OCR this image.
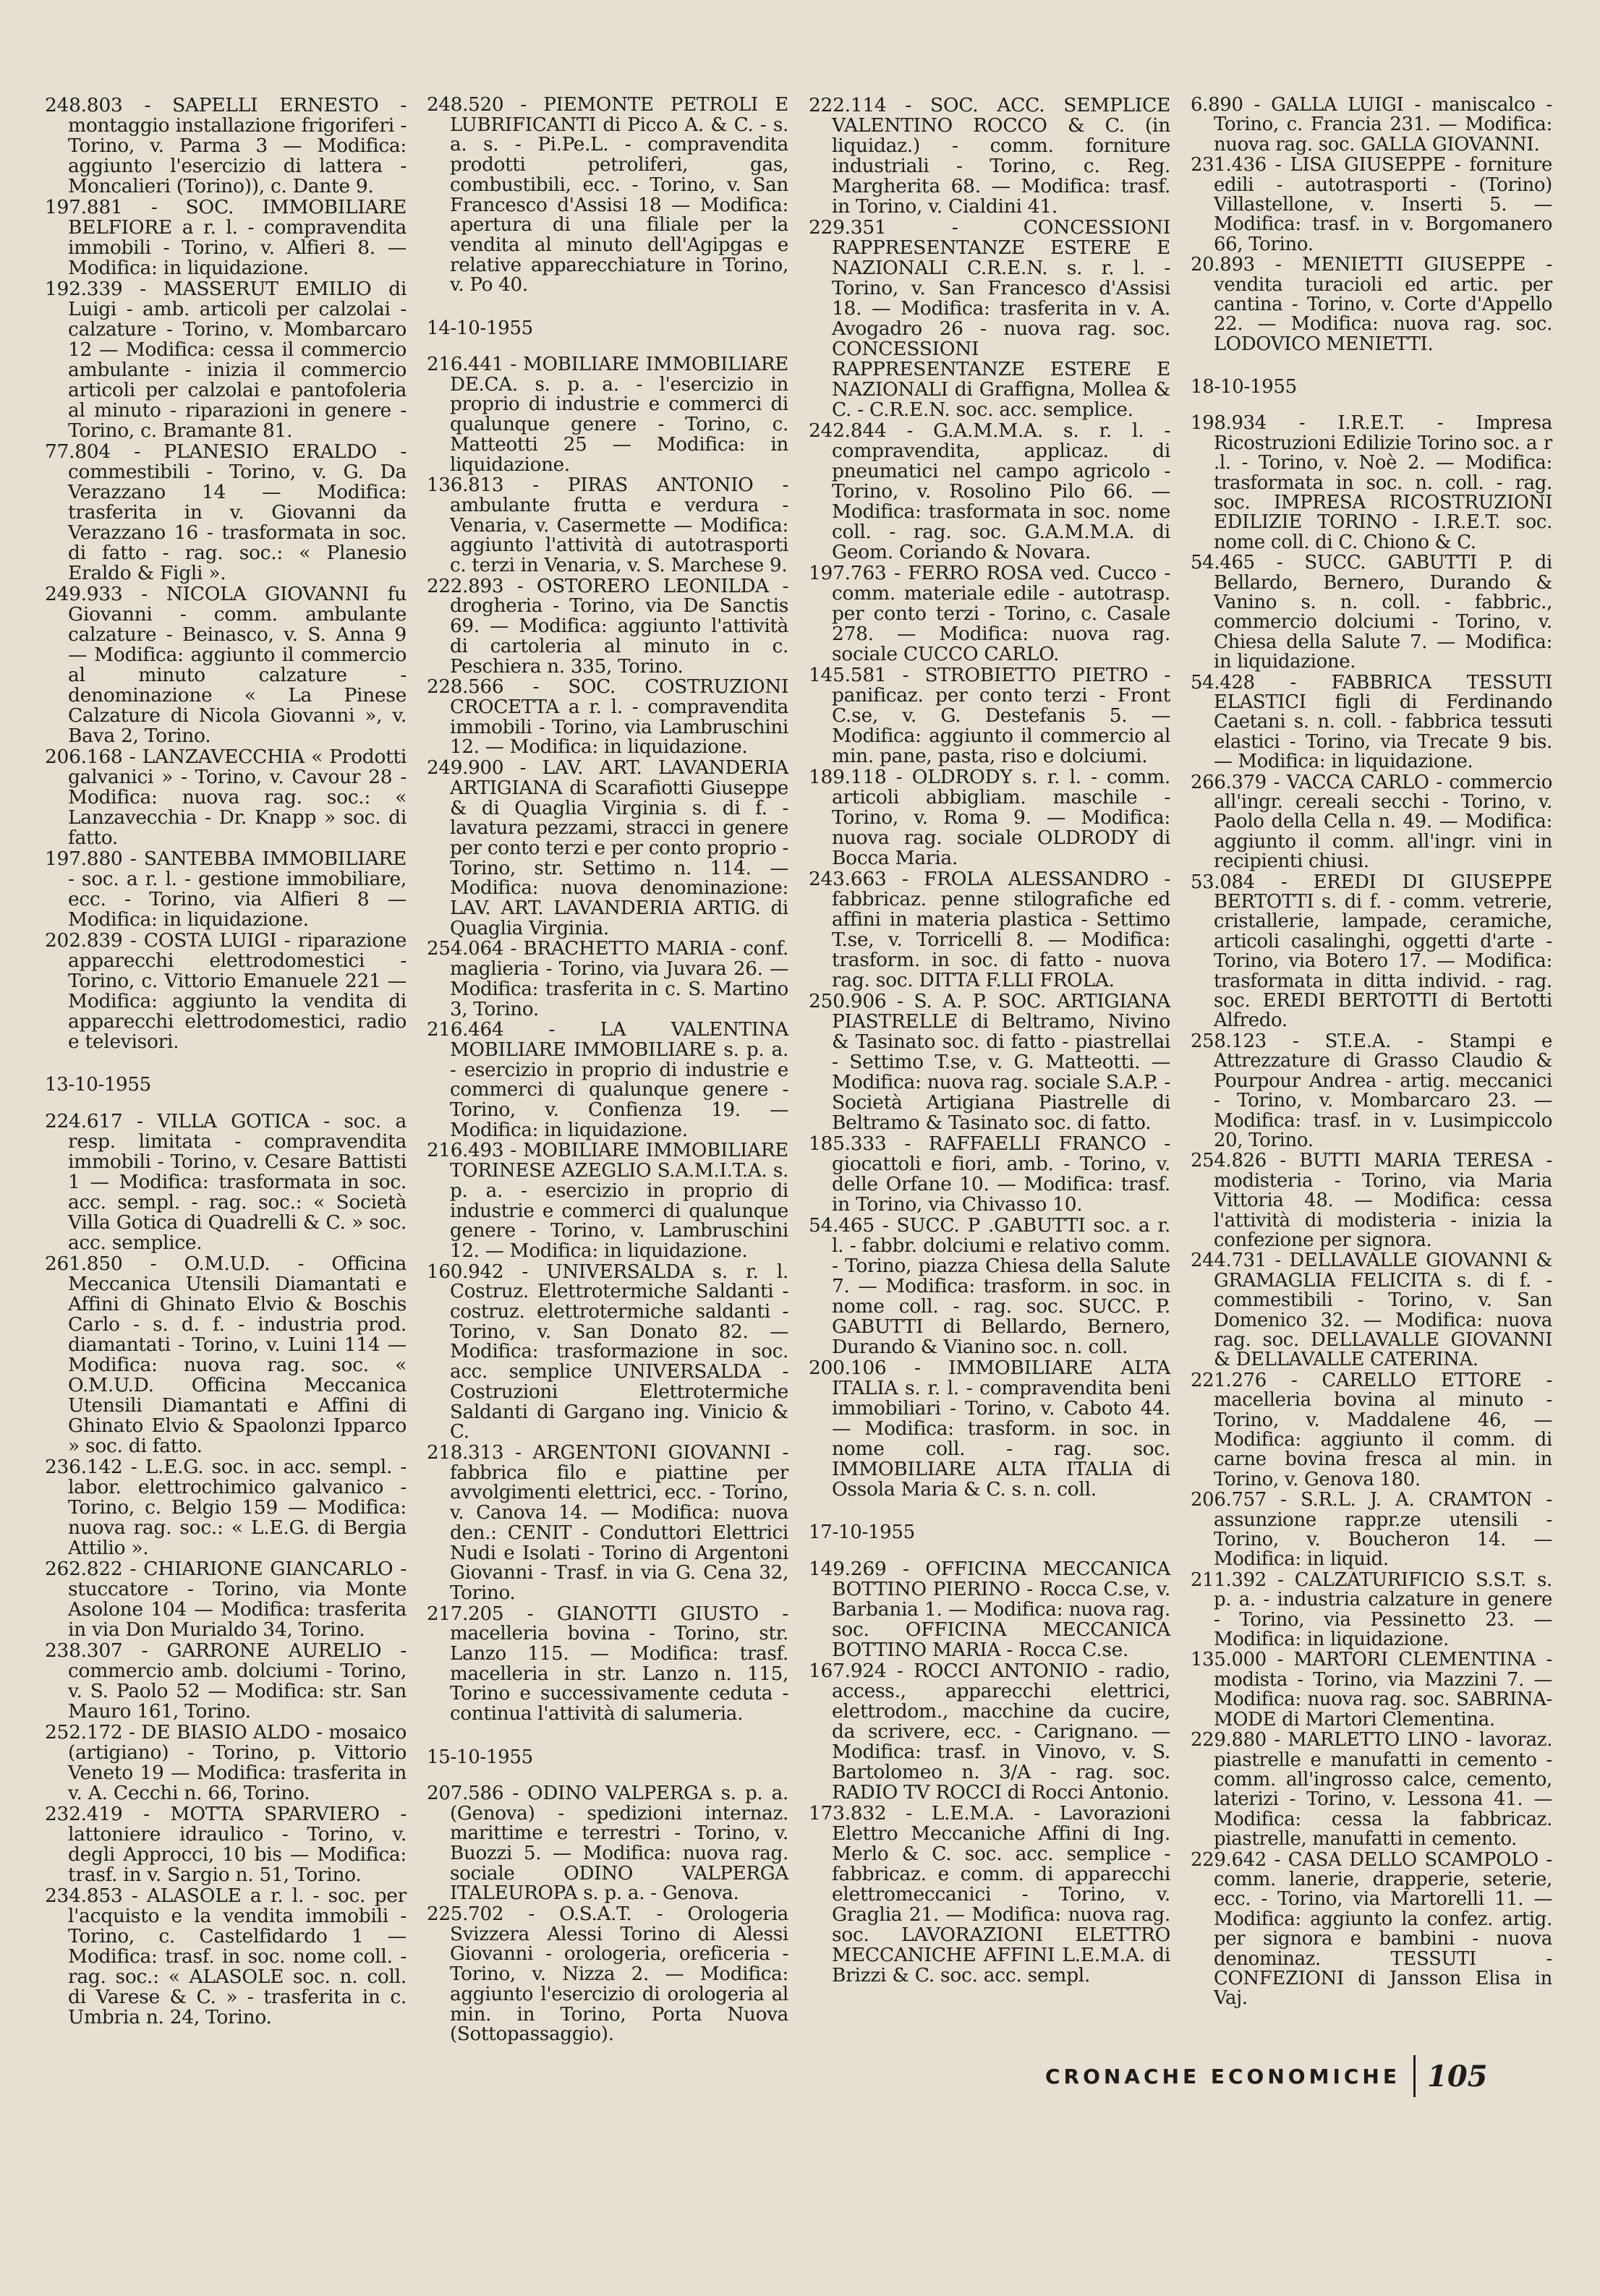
248.803 - SAPELLI ERNESTO - montaggio installazione frigoriferi - Torino, v. Parma 3 — Modifica: aggiunto l'esercizio di lattera - Moncalieri (Torino)), c. Dante 9.

197.881 - SOC. IMMOBILIARE BELFIORE a r. l. - compravendita immobili - Torino, v. Alfieri 8. — Modifica: in liquidazione.

192.339 - MASSERUT EMILIO di Luigi - amb. articoli per calzolai - calzature - Torino, v. Mombarcaro 12 — Modifica: cessa il commercio ambulante - inizia il commercio articoli per calzolai e pantofoleria al minuto - riparazioni in genere - Torino, c. Bramante 81.

77.804 - PLANESIO ERALDO - commestibili - Torino, v. G. Da Verazzano 14 — Modifica: trasferita in v. Giovanni da Verazzano 16 - trasformata in soc. di fatto - rag. soc.: « Planesio Eraldo & Figli ».

249.933 - NICOLA GIOVANNI fu Giovanni - comm. ambulante calzature - Beinasco, v. S. Anna 9 — Modifica: aggiunto il commercio al minuto calzature - denominazione « La Pinese Calzature di Nicola Giovanni », v. Bava 2, Torino.

206.168 - LANZAVECCHIA « Prodotti galvanici » - Torino, v. Cavour 28 - Modifica: nuova rag. soc.: « Lanzavecchia - Dr. Knapp » soc. di fatto.

197.880 - SANTEBBA IMMOBILIARE - soc. a r. l. - gestione immobiliare, ecc. - Torino, via Alfieri 8 — Modifica: in liquidazione.

202.839 - COSTA LUIGI - riparazione apparecchi elettrodomestici - Torino, c. Vittorio Emanuele 221 — Modifica: aggiunto la vendita di apparecchi elettrodomestici, radio e televisori.

13-10-1955

224.617 - VILLA GOTICA - soc. a resp. limitata - compravendita immobili - Torino, v. Cesare Battisti 1 — Modifica: trasformata in soc. acc. sempl. - rag. soc.: « Società Villa Gotica di Quadrelli & C. » soc. acc. semplice.

261.850 - O.M.U.D. - Officina Meccanica Utensili Diamantati e Affini di Ghinato Elvio & Boschis Carlo - s. d. f. - industria prod. diamantati - Torino, v. Luini 114 — Modifica: nuova rag. soc. « O.M.U.D. Officina Meccanica Utensili Diamantati e Affini di Ghinato Elvio & Spaolonzi Ipparco » soc. di fatto.

236.142 - L.E.G. soc. in acc. sempl. - labor. elettrochimico galvanico - Torino, c. Belgio 159 — Modifica: nuova rag. soc.: « L.E.G. di Bergia Attilio ».

262.822 - CHIARIONE GIANCARLO - stuccatore - Torino, via Monte Asolone 104 — Modifica: trasferita in via Don Murialdo 34, Torino.

238.307 - GARRONE AURELIO - commercio amb. dolciumi - Torino, v. S. Paolo 52 — Modifica: str. San Mauro 161, Torino.

252.172 - DE BIASIO ALDO - mosaico (artigiano) - Torino, p. Vittorio Veneto 19 — Modifica: trasferita in v. A. Cecchi n. 66, Torino.

232.419 - MOTTA SPARVIERO - lattoniere idraulico - Torino, v. degli Approcci, 10 bis — Modifica: trasf. in v. Sargio n. 51, Torino.

234.853 - ALASOLE a r. l. - soc. per l'acquisto e la vendita immobili - Torino, c. Castelfidardo 1 — Modifica: trasf. in soc. nome coll. - rag. soc.: « ALASOLE soc. n. coll. di Varese & C. » - trasferita in c. Umbria n. 24, Torino.

248.520 - PIEMONTE PETROLI E LUBRIFICANTI di Picco A. & C. - s. a. s. - Pi.Pe.L. - compravendita prodotti petroliferi, gas, combustibili, ecc. - Torino, v. San Francesco d'Assisi 18 — Modifica: apertura di una filiale per la vendita al minuto dell'Agipgas e relative apparecchiature in Torino, v. Po 40.

14-10-1955

216.441 - MOBILIARE IMMOBILIARE DE.CA. s. p. a. - l'esercizio in proprio di industrie e commerci di qualunque genere - Torino, c. Matteotti 25 — Modifica: in liquidazione.

136.813 - PIRAS ANTONIO - ambulante frutta e verdura - Venaria, v. Casermette — Modifica: aggiunto l'attività di autotrasporti c. terzi in Venaria, v. S. Marchese 9.

222.893 - OSTORERO LEONILDA - drogheria - Torino, via De Sanctis 69. — Modifica: aggiunto l'attività di cartoleria al minuto in c. Peschiera n. 335, Torino.

228.566 - SOC. COSTRUZIONI CROCETTA a r. l. - compravendita immobili - Torino, via Lambruschini 12. — Modifica: in liquidazione.

249.900 - LAV. ART. LAVANDERIA ARTIGIANA di Scarafiotti Giuseppe & di Quaglia Virginia s. di f. - lavatura pezzami, stracci in genere per conto terzi e per conto proprio - Torino, str. Settimo n. 114. — Modifica: nuova denominazione: LAV. ART. LAVANDERIA ARTIG. di Quaglia Virginia.

254.064 - BRACHETTO MARIA - conf. maglieria - Torino, via Juvara 26. — Modifica: trasferita in c. S. Martino 3, Torino.

216.464 - LA VALENTINA MOBILIARE IMMOBILIARE s. p. a. - esercizio in proprio di industrie e commerci di qualunque genere - Torino, v. Confienza 19. — Modifica: in liquidazione.

216.493 - MOBILIARE IMMOBILIARE TORINESE AZEGLIO S.A.M.I.T.A. s. p. a. - esercizio in proprio di industrie e commerci di qualunque genere - Torino, v. Lambruschini 12. — Modifica: in liquidazione.

160.942 - UNIVERSALDA s. r. l. Costruz. Elettrotermiche Saldanti - costruz. elettrotermiche saldanti - Torino, v. San Donato 82. — Modifica: trasformazione in soc. acc. semplice UNIVERSALDA - Costruzioni Elettrotermiche Saldanti di Gargano ing. Vinicio & C.

218.313 - ARGENTONI GIOVANNI - fabbrica filo e piattine per avvolgimenti elettrici, ecc. - Torino, v. Canova 14. — Modifica: nuova den.: CENIT - Conduttori Elettrici Nudi e Isolati - Torino di Argentoni Giovanni - Trasf. in via G. Cena 32, Torino.

217.205 - GIANOTTI GIUSTO - macelleria bovina - Torino, str. Lanzo 115. — Modifica: trasf. macelleria in str. Lanzo n. 115, Torino e successivamente ceduta - continua l'attività di salumeria.

15-10-1955

207.586 - ODINO VALPERGA s. p. a. (Genova) - spedizioni internaz. marittime e terrestri - Torino, v. Buozzi 5. — Modifica: nuova rag. sociale ODINO VALPERGA ITALEUROPA s. p. a. - Genova.

225.702 - O.S.A.T. - Orologeria Svizzera Alessi Torino di Alessi Giovanni - orologeria, oreficeria - Torino, v. Nizza 2. — Modifica: aggiunto l'esercizio di orologeria al min. in Torino, Porta Nuova (Sottopassaggio).

222.114 - SOC. ACC. SEMPLICE VALENTINO ROCCO & C. (in liquidaz.) - comm. forniture industriali - Torino, c. Reg. Margherita 68. — Modifica: trasf. in Torino, v. Cialdini 41.

229.351 - CONCESSIONI RAPPRESENTANZE ESTERE E NAZIONALI C.R.E.N. s. r. l. - Torino, v. San Francesco d'Assisi 18. — Modifica: trasferita in v. A. Avogadro 26 - nuova rag. soc. CONCESSIONI RAPPRESENTANZE ESTERE E NAZIONALI di Graffigna, Mollea & C. - C.R.E.N. soc. acc. semplice.

242.844 - G.A.M.M.A. s. r. l. - compravendita, applicaz. di pneumatici nel campo agricolo - Torino, v. Rosolino Pilo 66. — Modifica: trasformata in soc. nome coll. - rag. soc. G.A.M.M.A. di Geom. Coriando & Novara.

197.763 - FERRO ROSA ved. Cucco - comm. materiale edile - autotrasp. per conto terzi - Torino, c. Casale 278. — Modifica: nuova rag. sociale CUCCO CARLO.

145.581 - STROBIETTO PIETRO - panificaz. per conto terzi - Front C.se, v. G. Destefanis 5. — Modifica: aggiunto il commercio al min. pane, pasta, riso e dolciumi.

189.118 - OLDRODY s. r. l. - comm. articoli abbigliam. maschile - Torino, v. Roma 9. — Modifica: nuova rag. sociale OLDRODY di Bocca Maria.

243.663 - FROLA ALESSANDRO - fabbricaz. penne stilografiche ed affini in materia plastica - Settimo T.se, v. Torricelli 8. — Modifica: trasform. in soc. di fatto - nuova rag. soc. DITTA F.LLI FROLA.

250.906 - S. A. P. SOC. ARTIGIANA PIASTRELLE di Beltramo, Nivino & Tasinato soc. di fatto - piastrellai - Settimo T.se, v. G. Matteotti. — Modifica: nuova rag. sociale S.A.P. - Società Artigiana Piastrelle di Beltramo & Tasinato soc. di fatto.

185.333 - RAFFAELLI FRANCO - giocattoli e fiori, amb. - Torino, v. delle Orfane 10. — Modifica: trasf. in Torino, via Chivasso 10.

54.465 - SUCC. P .GABUTTI soc. a r. l. - fabbr. dolciumi e relativo comm. - Torino, piazza Chiesa della Salute 7. — Modifica: trasform. in soc. in nome coll. - rag. soc. SUCC. P. GABUTTI di Bellardo, Bernero, Durando & Vianino soc. n. coll.

200.106 - IMMOBILIARE ALTA ITALIA s. r. l. - compravendita beni immobiliari - Torino, v. Caboto 44. — Modifica: trasform. in soc. in nome coll. - rag. soc. IMMOBILIARE ALTA ITALIA di Ossola Maria & C. s. n. coll.

17-10-1955

149.269 - OFFICINA MECCANICA BOTTINO PIERINO - Rocca C.se, v. Barbania 1. — Modifica: nuova rag. soc. OFFICINA MECCANICA BOTTINO MARIA - Rocca C.se.

167.924 - ROCCI ANTONIO - radio, access., apparecchi elettrici, elettrodom., macchine da cucire, da scrivere, ecc. - Carignano. — Modifica: trasf. in Vinovo, v. S. Bartolomeo n. 3/A - rag. soc. RADIO TV ROCCI di Rocci Antonio.

173.832 - L.E.M.A. - Lavorazioni Elettro Meccaniche Affini di Ing. Merlo & C. soc. acc. semplice - fabbricaz. e comm. di apparecchi elettromeccanici - Torino, v. Graglia 21. — Modifica: nuova rag. soc. LAVORAZIONI ELETTRO MECCANICHE AFFINI L.E.M.A. di Brizzi & C. soc. acc. sempl.

6.890 - GALLA LUIGI - maniscalco - Torino, c. Francia 231. — Modifica: nuova rag. soc. GALLA GIOVANNI.

231.436 - LISA GIUSEPPE - forniture edili - autotrasporti - (Torino) Villastellone, v. Inserti 5. — Modifica: trasf. in v. Borgomanero 66, Torino.

20.893 - MENIETTI GIUSEPPE - vendita turacioli ed artic. per cantina - Torino, v. Corte d'Appello 22. — Modifica: nuova rag. soc. LODOVICO MENIETTI.

18-10-1955

198.934 - I.R.E.T. - Impresa Ricostruzioni Edilizie Torino soc. a r .l. - Torino, v. Noè 2. — Modifica: trasformata in soc. n. coll. - rag. soc. IMPRESA RICOSTRUZIONI EDILIZIE TORINO - I.R.E.T. soc. nome coll. di C. Chiono & C.

54.465 - SUCC. GABUTTI P. di Bellardo, Bernero, Durando & Vanino s. n. coll. - fabbric., commercio dolciumi - Torino, v. Chiesa della Salute 7. — Modifica: in liquidazione.

54.428 - FABBRICA TESSUTI ELASTICI figli di Ferdinando Caetani s. n. coll. - fabbrica tessuti elastici - Torino, via Trecate 9 bis. — Modifica: in liquidazione.

266.379 - VACCA CARLO - commercio all'ingr. cereali secchi - Torino, v. Paolo della Cella n. 49. — Modifica: aggiunto il comm. all'ingr. vini in recipienti chiusi.

53.084 - EREDI DI GIUSEPPE BERTOTTI s. di f. - comm. vetrerie, cristallerie, lampade, ceramiche, articoli casalinghi, oggetti d'arte - Torino, via Botero 17. — Modifica: trasformata in ditta individ. - rag. soc. EREDI BERTOTTI di Bertotti Alfredo.

258.123 - ST.E.A. - Stampi e Attrezzature di Grasso Claudio & Pourpour Andrea - artig. meccanici - Torino, v. Mombarcaro 23. — Modifica: trasf. in v. Lusimpiccolo 20, Torino.

254.826 - BUTTI MARIA TERESA - modisteria - Torino, via Maria Vittoria 48. — Modifica: cessa l'attività di modisteria - inizia la confezione per signora.

244.731 - DELLAVALLE GIOVANNI & GRAMAGLIA FELICITA s. di f. - commestibili - Torino, v. San Domenico 32. — Modifica: nuova rag. soc. DELLAVALLE GIOVANNI & DELLAVALLE CATERINA.

221.276 - CARELLO ETTORE - macelleria bovina al minuto - Torino, v. Maddalene 46, — Modifica: aggiunto il comm. di carne bovina fresca al min. in Torino, v. Genova 180.

206.757 - S.R.L. J. A. CRAMTON - assunzione rappr.ze utensili - Torino, v. Boucheron 14. — Modifica: in liquid.

211.392 - CALZATURIFICIO S.S.T. s. p. a. - industria calzature in genere - Torino, via Pessinetto 23. — Modifica: in liquidazione.

135.000 - MARTORI CLEMENTINA - modista - Torino, via Mazzini 7. — Modifica: nuova rag. soc. SABRINA-MODE di Martori Clementina.

229.880 - MARLETTO LINO - lavoraz. piastrelle e manufatti in cemento - comm. all'ingrosso calce, cemento, laterizi - Torino, v. Lessona 41. — Modifica: cessa la fabbricaz. piastrelle, manufatti in cemento.

229.642 - CASA DELLO SCAMPOLO - comm. lanerie, drapperie, seterie, ecc. - Torino, via Martorelli 11. — Modifica: aggiunto la confez. artig. per signora e bambini - nuova denominaz. TESSUTI - CONFEZIONI di Jansson Elisa in Vaj.

CRONACHE ECONOMICHE 105
